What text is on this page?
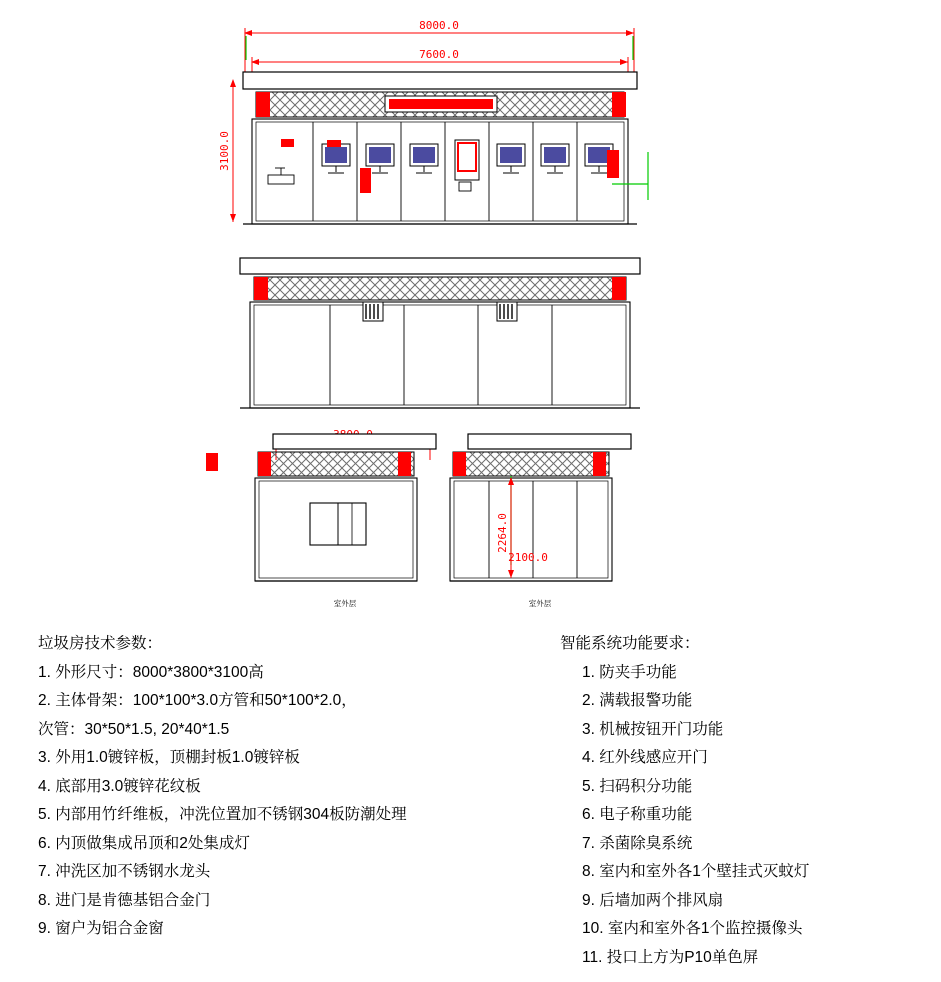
8000.0
7600.0
3100.0
室外层
2264.0
2100.0
室外层
垃圾房技术参数：
1. 外形尺寸：8000*3800*3100高
2. 主体骨架：100*100*3.0方管和50*100*2.0，
次管：30*50*1.5, 20*40*1.5
3. 外用1.0镀锌板，顶棚封板1.0镀锌板
4. 底部用3.0镀锌花纹板
5. 内部用竹纤维板，冲洗位置加不锈钢304板防潮处理
6. 内顶做集成吊顶和2处集成灯
7. 冲洗区加不锈钢水龙头
8. 进门是肯德基铝合金门
9. 窗户为铝合金窗
智能系统功能要求：
1. 防夹手功能
2. 满载报警功能
3. 机械按钮开门功能
4. 红外线感应开门
5. 扫码积分功能
6. 电子称重功能
7. 杀菌除臭系统
8. 室内和室外各1个壁挂式灭蚊灯
9. 后墙加两个排风扇
10. 室内和室外各1个监控摄像头
11. 投口上方为P10单色屏
